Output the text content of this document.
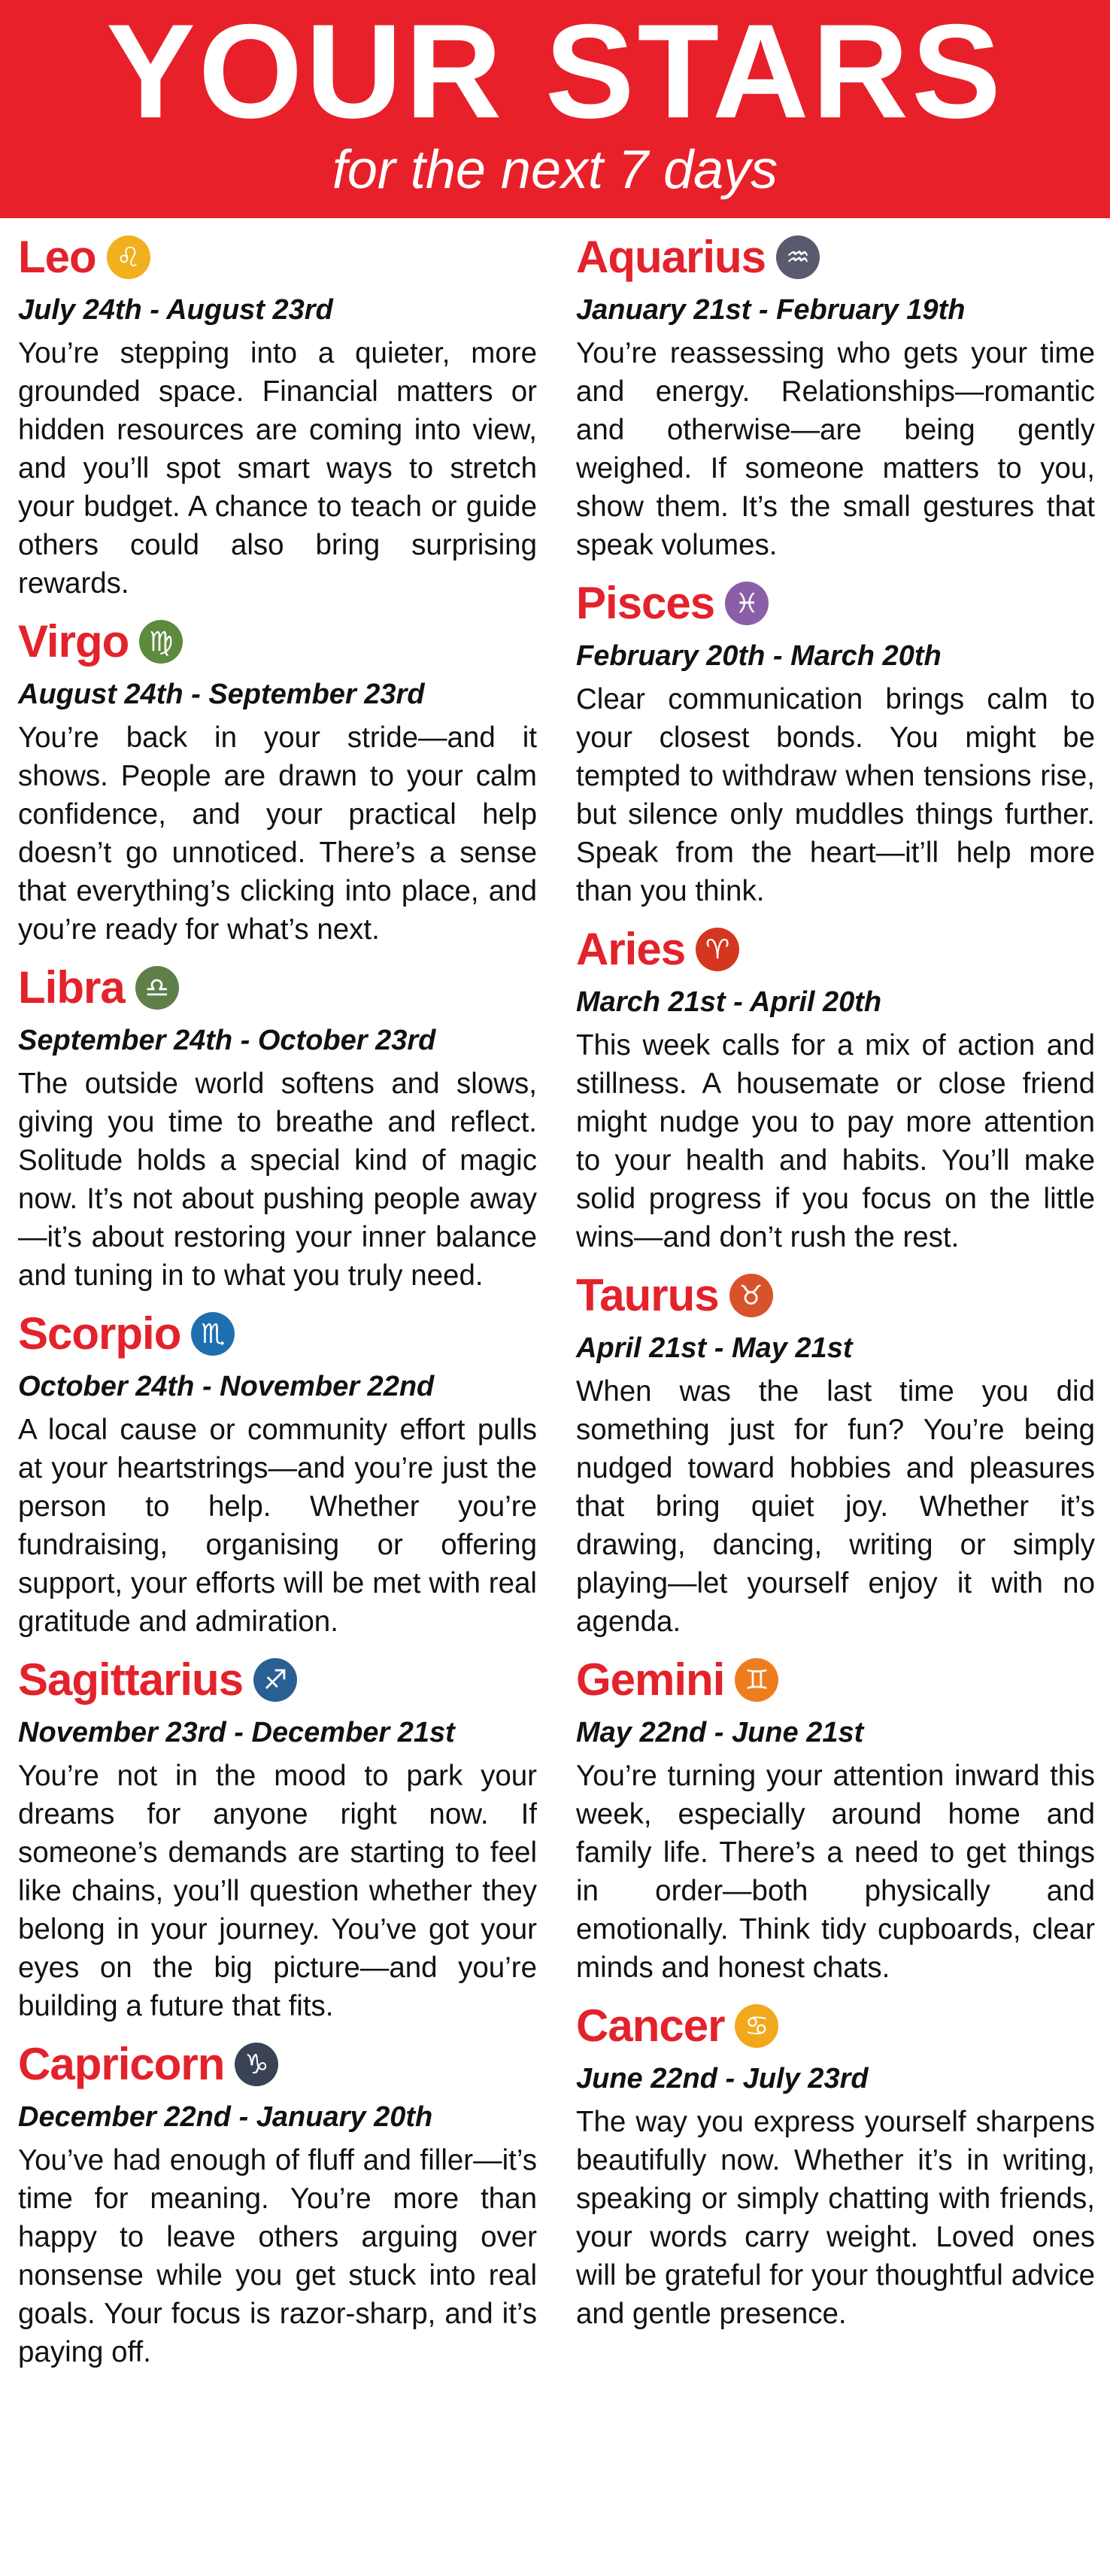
YOUR STARS
for the next 7 days
Leo ♌
July 24th - August 23rd
You’re stepping into a quieter, more grounded space. Financial matters or hidden resources are coming into view, and you’ll spot smart ways to stretch your budget. A chance to teach or guide others could also bring surprising rewards.
Virgo ♍
August 24th - September 23rd
You’re back in your stride—and it shows. People are drawn to your calm confidence, and your practical help doesn’t go unnoticed. There’s a sense that everything’s clicking into place, and you’re ready for what’s next.
Libra ♎
September 24th - October 23rd
The outside world softens and slows, giving you time to breathe and reflect. Solitude holds a special kind of magic now. It’s not about pushing people away—it’s about restoring your inner balance and tuning in to what you truly need.
Scorpio ♏
October 24th - November 22nd
A local cause or community effort pulls at your heartstrings—and you’re just the person to help. Whether you’re fundraising, organising or offering support, your efforts will be met with real gratitude and admiration.
Sagittarius ♐
November 23rd - December 21st
You’re not in the mood to park your dreams for anyone right now. If someone’s demands are starting to feel like chains, you’ll question whether they belong in your journey. You’ve got your eyes on the big picture—and you’re building a future that fits.
Capricorn ♑
December 22nd - January 20th
You’ve had enough of fluff and filler—it’s time for meaning. You’re more than happy to leave others arguing over nonsense while you get stuck into real goals. Your focus is razor-sharp, and it’s paying off.
Aquarius ♒
January 21st - February 19th
You’re reassessing who gets your time and energy. Relationships—romantic and otherwise—are being gently weighed. If someone matters to you, show them. It’s the small gestures that speak volumes.
Pisces ♓
February 20th - March 20th
Clear communication brings calm to your closest bonds. You might be tempted to withdraw when tensions rise, but silence only muddles things further. Speak from the heart—it’ll help more than you think.
Aries ♈
March 21st - April 20th
This week calls for a mix of action and stillness. A housemate or close friend might nudge you to pay more attention to your health and habits. You’ll make solid progress if you focus on the little wins—and don’t rush the rest.
Taurus ♉
April 21st - May 21st
When was the last time you did something just for fun? You’re being nudged toward hobbies and pleasures that bring quiet joy. Whether it’s drawing, dancing, writing or simply playing—let yourself enjoy it with no agenda.
Gemini ♊
May 22nd - June 21st
You’re turning your attention inward this week, especially around home and family life. There’s a need to get things in order—both physically and emotionally. Think tidy cupboards, clear minds and honest chats.
Cancer ♋
June 22nd - July 23rd
The way you express yourself sharpens beautifully now. Whether it’s in writing, speaking or simply chatting with friends, your words carry weight. Loved ones will be grateful for your thoughtful advice and gentle presence.
